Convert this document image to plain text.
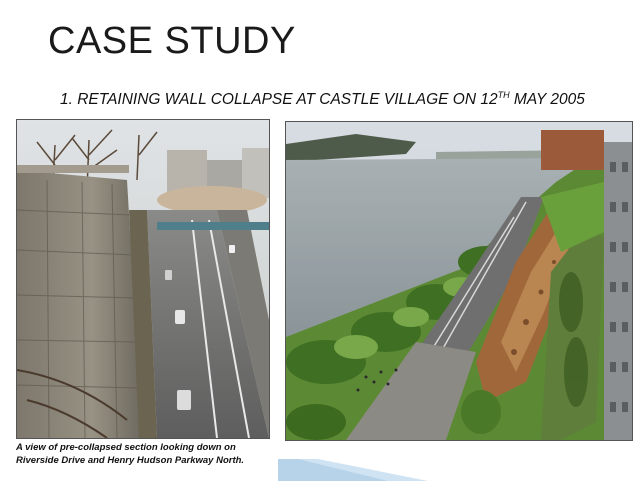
CASE STUDY

1. RETAINING WALL COLLAPSE AT CASTLE VILLAGE ON 12TH MAY 2005

A view of pre-collapsed section looking down on
Riverside Drive and Henry Hudson Parkway North.
